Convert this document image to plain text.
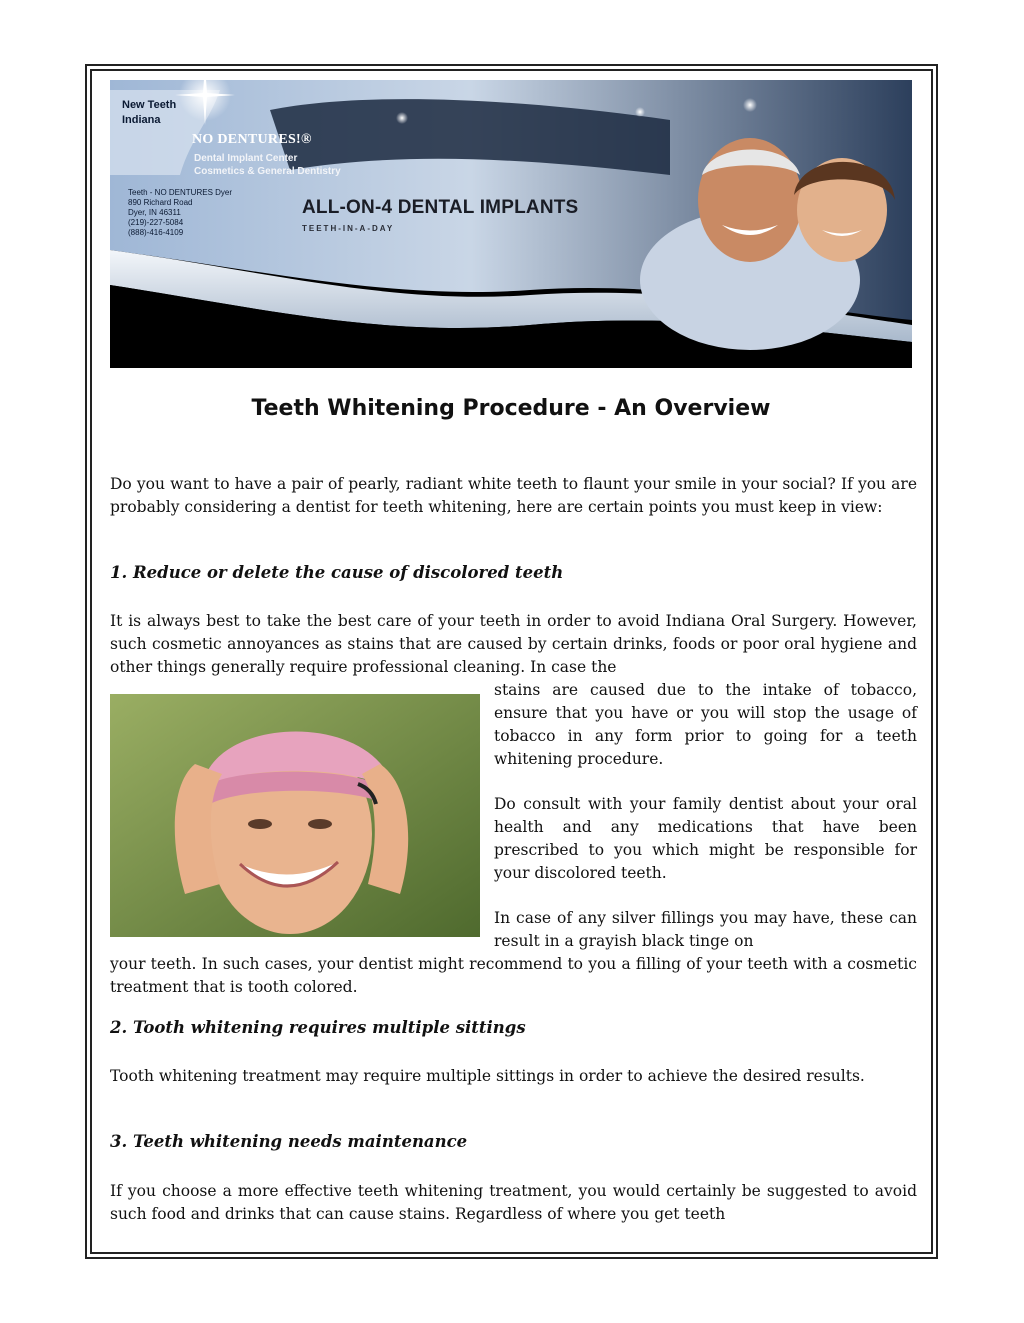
New Teeth
Indiana
NO DENTURES!®
Dental Implant Center
Cosmetics & General Dentistry
Teeth - NO DENTURES Dyer
890 Richard Road
Dyer, IN 46311
(219)-227-5084
(888)-416-4109
ALL-ON-4 DENTAL IMPLANTS
TEETH-IN-A-DAY
Teeth Whitening Procedure - An Overview

Do you want to have a pair of pearly, radiant white teeth to flaunt your smile in your social? If you are probably considering a dentist for teeth whitening, here are certain points you must keep in view:

1. Reduce or delete the cause of discolored teeth

It is always best to take the best care of your teeth in order to avoid Indiana Oral Surgery. However, such cosmetic annoyances as stains that are caused by certain drinks, foods or poor oral hygiene and other things generally require professional cleaning. In case the

stains are caused due to the intake of tobacco, ensure that you have or you will stop the usage of tobacco in any form prior to going for a teeth whitening procedure.

Do consult with your family dentist about your oral health and any medications that have been prescribed to you which might be responsible for your discolored teeth.

In case of any silver fillings you may have, these can result in a grayish black tinge on

your teeth. In such cases, your dentist might recommend to you a filling of your teeth with a cosmetic treatment that is tooth colored.

2. Tooth whitening requires multiple sittings

Tooth whitening treatment may require multiple sittings in order to achieve the desired results.

3. Teeth whitening needs maintenance

If you choose a more effective teeth whitening treatment, you would certainly be suggested to avoid such food and drinks that can cause stains. Regardless of where you get teeth
